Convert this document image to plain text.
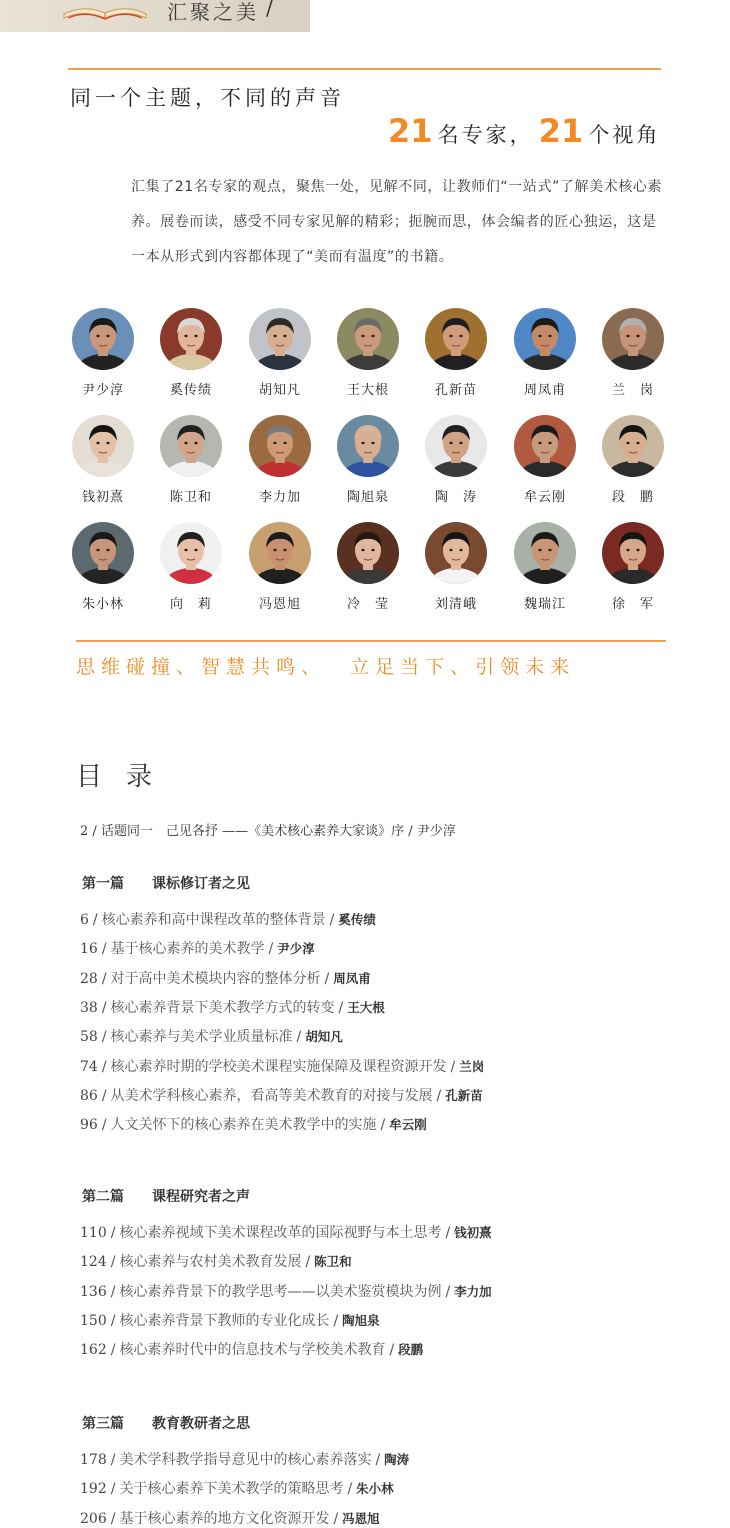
汇聚之美 /
同一个主题，不同的声音
21 名专家， 21 个视角

汇集了21名专家的观点，聚焦一处，见解不同，让教师们“一站式”了解美术核心素养。展卷而读，感受不同专家见解的精彩；扼腕而思，体会编者的匠心独运，这是一本从形式到内容都体现了“美而有温度”的书籍。

尹少淳	奚传绩	胡知凡	王大根	孔新苗	周凤甫	兰　岗
钱初熹	陈卫和	李力加	陶旭泉	陶　涛	牟云刚	段　鹏
朱小林	向　莉	冯恩旭	冷　莹	刘清峨	魏瑞江	徐　军
思维碰撞、智慧共鸣、  立足当下、引领未来
目录
2 / 话题同一　己见各抒 ——《美术核心素养大家谈》序 / 尹少淳
第一篇 课标修订者之见
6 / 核心素养和高中课程改革的整体背景 / 奚传绩
16 / 基于核心素养的美术教学 / 尹少淳
28 / 对于高中美术模块内容的整体分析 / 周凤甫
38 / 核心素养背景下美术教学方式的转变 / 王大根
58 / 核心素养与美术学业质量标准 / 胡知凡
74 / 核心素养时期的学校美术课程实施保障及课程资源开发 / 兰岗
86 / 从美术学科核心素养，看高等美术教育的对接与发展 / 孔新苗
96 / 人文关怀下的核心素养在美术教学中的实施 / 牟云刚
第二篇 课程研究者之声
110 / 核心素养视域下美术课程改革的国际视野与本土思考 / 钱初熹
124 / 核心素养与农村美术教育发展 / 陈卫和
136 / 核心素养背景下的教学思考——以美术鉴赏模块为例 / 李力加
150 / 核心素养背景下教师的专业化成长 / 陶旭泉
162 / 核心素养时代中的信息技术与学校美术教育 / 段鹏
第三篇 教育教研者之思
178 / 美术学科教学指导意见中的核心素养落实 / 陶涛
192 / 关于核心素养下美术教学的策略思考 / 朱小林
206 / 基于核心素养的地方文化资源开发 / 冯恩旭
